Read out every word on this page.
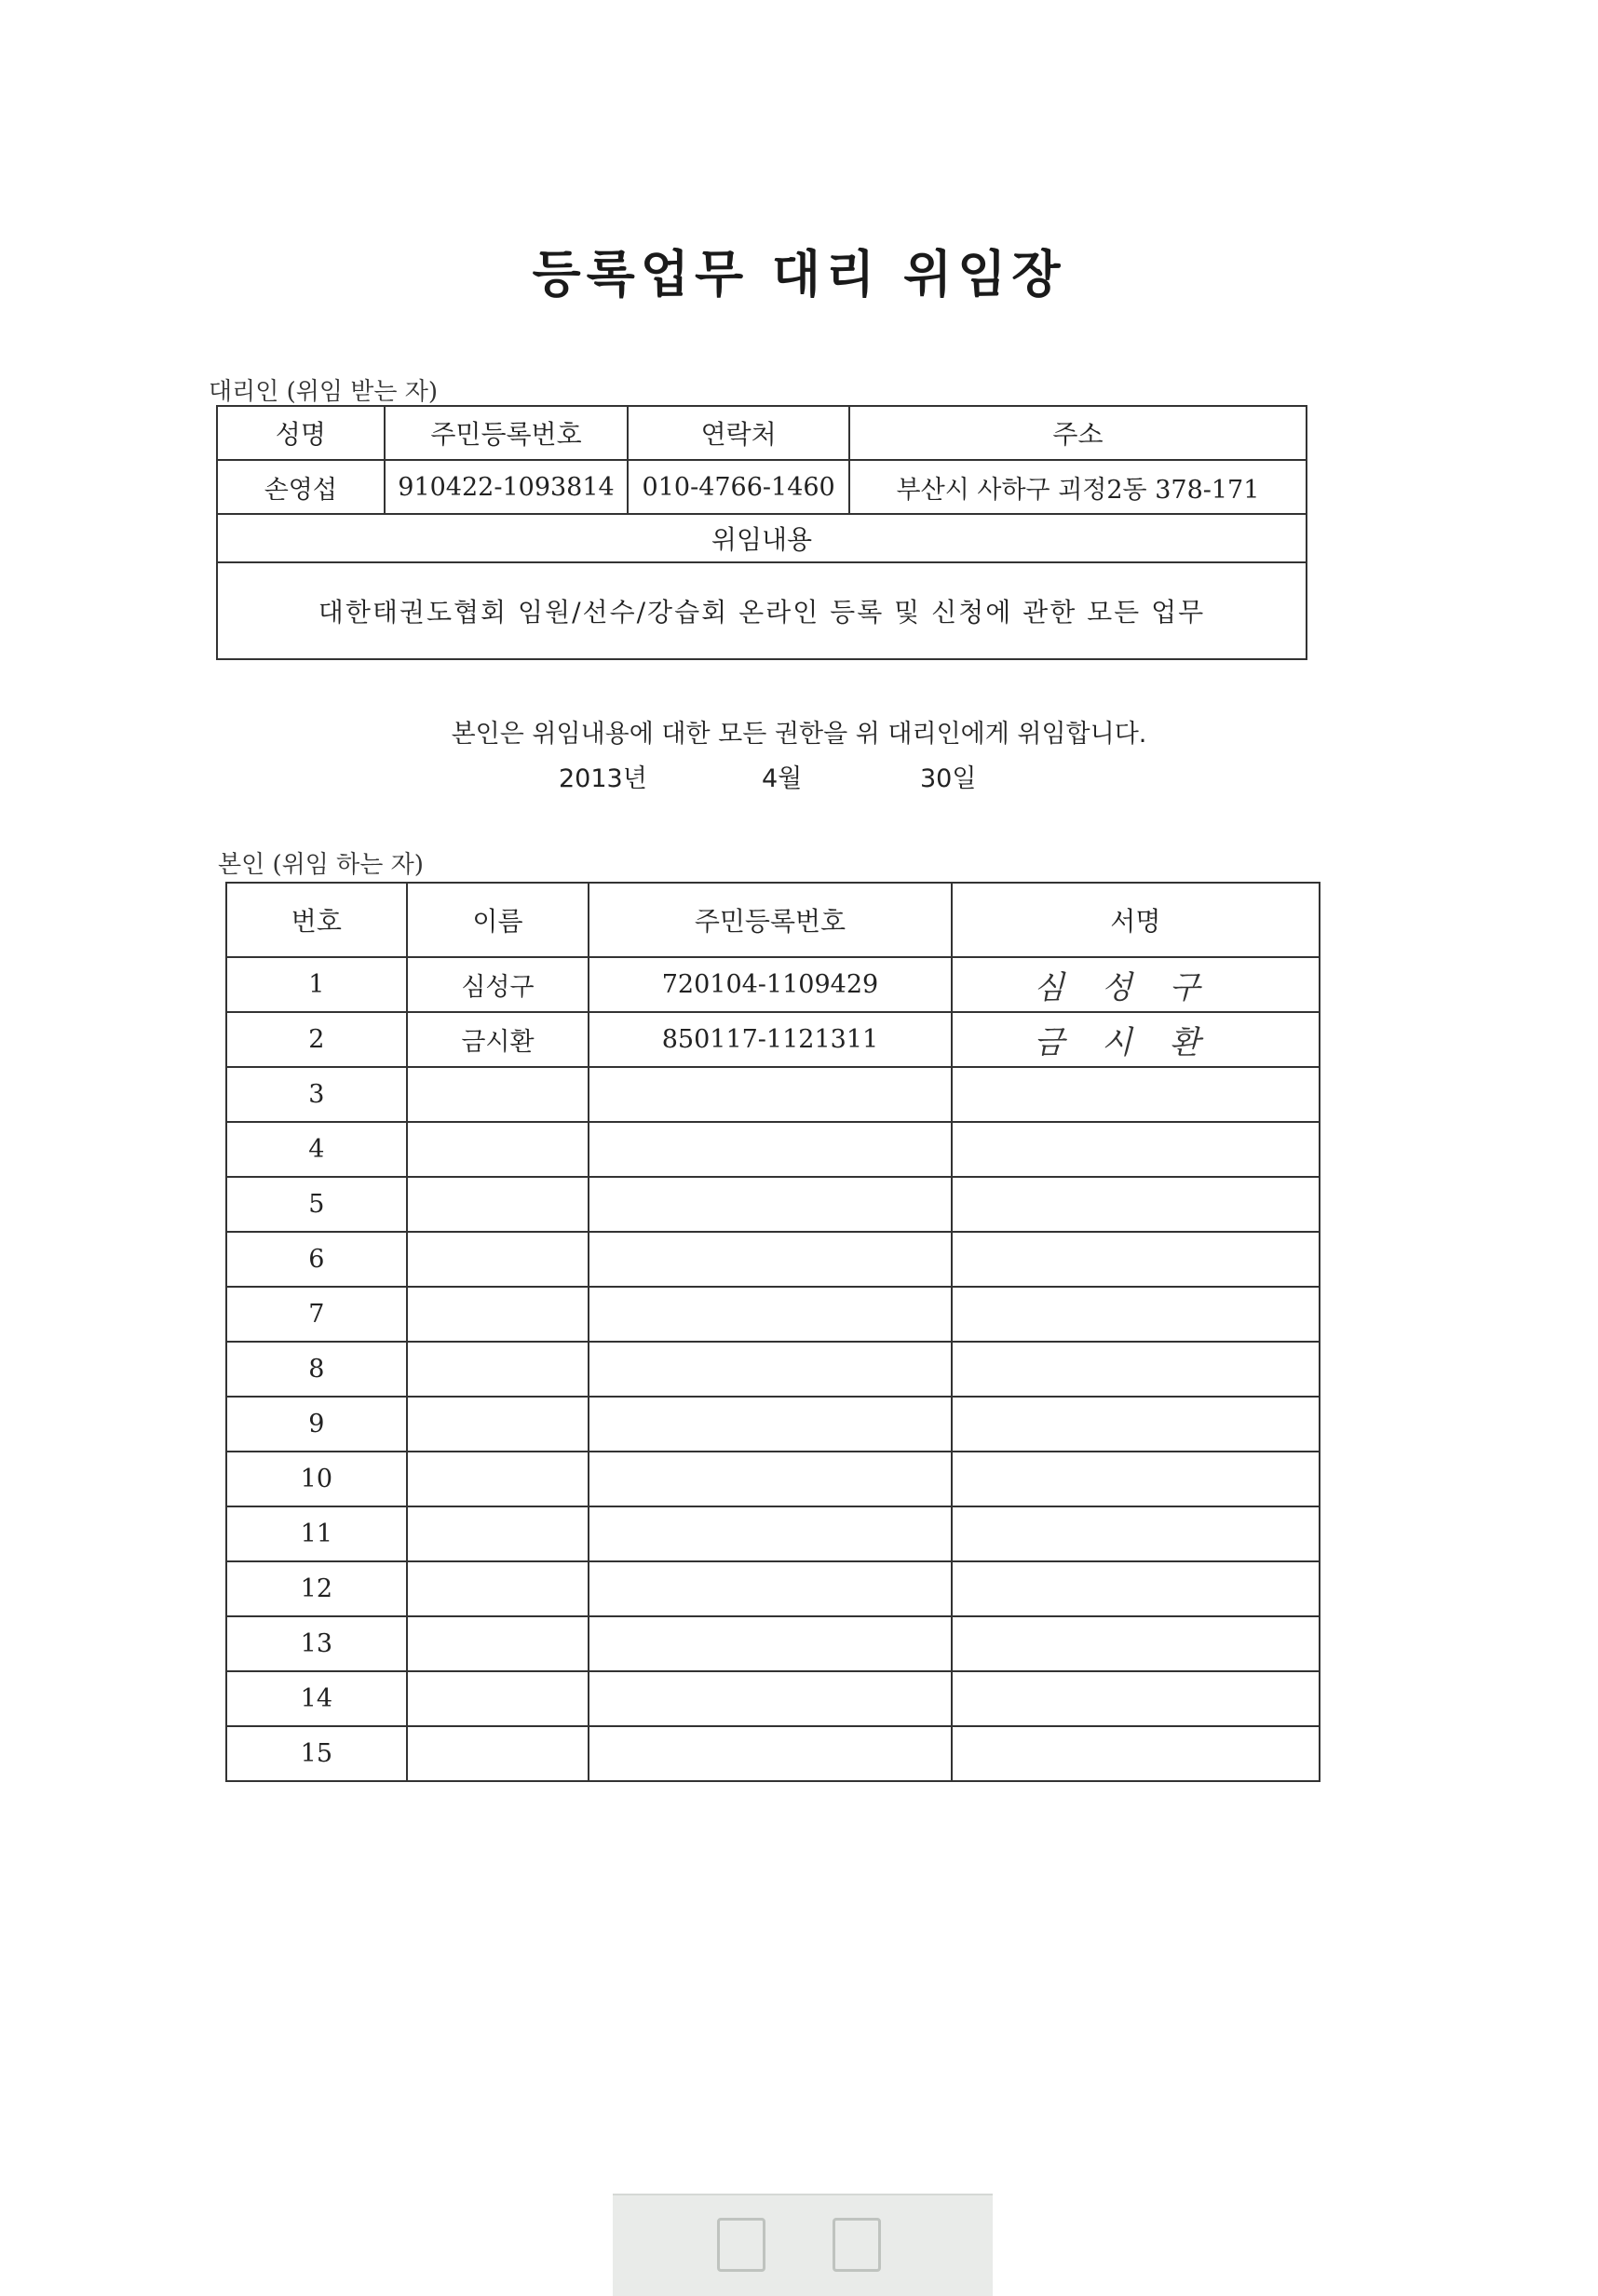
등록업무 대리 위임장
대리인 (위임 받는 자)
성명	주민등록번호	연락처	주소
손영섭	910422-1093814	010-4766-1460	부산시 사하구 괴정2동 378-171
위임내용			
대한태권도협회 임원/선수/강습회 온라인 등록 및 신청에 관한 모든 업무			
본인은 위임내용에 대한 모든 권한을 위 대리인에게 위임합니다.
2013년	4월	30일
본인 (위임 하는 자)
번호	이름	주민등록번호	서명
1	심성구	720104-1109429	심성구
2	금시환	850117-1121311	금시환
3			
4			
5			
6			
7			
8			
9			
10			
11			
12			
13			
14			
15			
